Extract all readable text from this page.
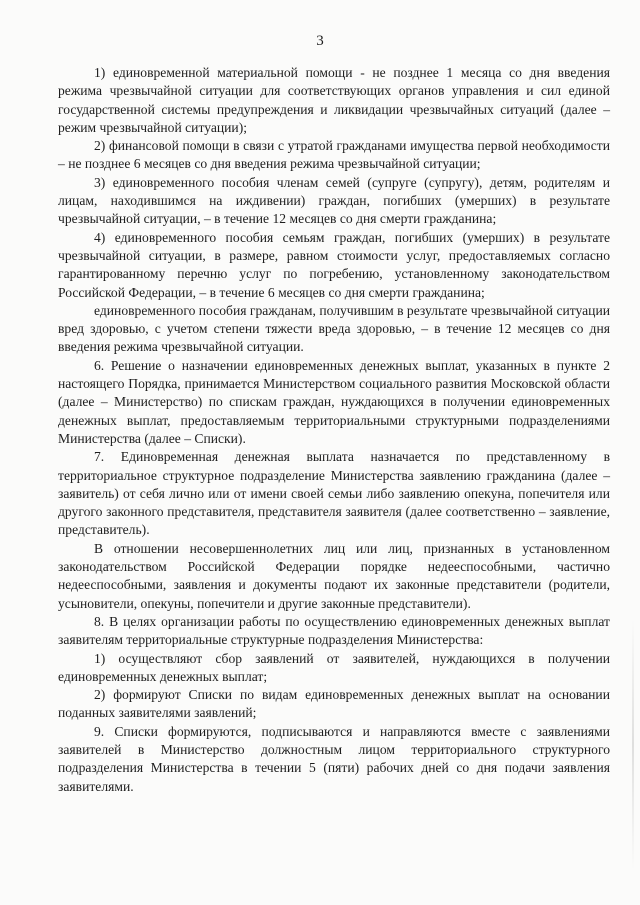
3

1) единовременной материальной помощи - не позднее 1 месяца со дня введения режима чрезвычайной ситуации для соответствующих органов управления и сил единой государственной системы предупреждения и ликвидации чрезвычайных ситуаций (далее – режим чрезвычайной ситуации);

2) финансовой помощи в связи с утратой гражданами имущества первой необходимости – не позднее 6 месяцев со дня введения режима чрезвычайной ситуации;

3) единовременного пособия членам семей (супруге (супругу), детям, родителям и лицам, находившимся на иждивении) граждан, погибших (умерших) в результате чрезвычайной ситуации, – в течение 12 месяцев со дня смерти гражданина;

4) единовременного пособия семьям граждан, погибших (умерших) в результате чрезвычайной ситуации, в размере, равном стоимости услуг, предоставляемых согласно гарантированному перечню услуг по погребению, установленному законодательством Российской Федерации, – в течение 6 месяцев со дня смерти гражданина;

единовременного пособия гражданам, получившим в результате чрезвычайной ситуации вред здоровью, с учетом степени тяжести вреда здоровью, – в течение 12 месяцев со дня введения режима чрезвычайной ситуации.

6. Решение о назначении единовременных денежных выплат, указанных в пункте 2 настоящего Порядка, принимается Министерством социального развития Московской области (далее – Министерство) по спискам граждан, нуждающихся в получении единовременных денежных выплат, предоставляемым территориальными структурными подразделениями Министерства (далее – Списки).

7. Единовременная денежная выплата назначается по представленному в территориальное структурное подразделение Министерства заявлению гражданина (далее – заявитель) от себя лично или от имени своей семьи либо заявлению опекуна, попечителя или другого законного представителя, представителя заявителя (далее соответственно – заявление, представитель).

В отношении несовершеннолетних лиц или лиц, признанных в установленном законодательством Российской Федерации порядке недееспособными, частично недееспособными, заявления и документы подают их законные представители (родители, усыновители, опекуны, попечители и другие законные представители).

8. В целях организации работы по осуществлению единовременных денежных выплат заявителям территориальные структурные подразделения Министерства:

1) осуществляют сбор заявлений от заявителей, нуждающихся в получении единовременных денежных выплат;

2) формируют Списки по видам единовременных денежных выплат на основании поданных заявителями заявлений;

9. Списки формируются, подписываются и направляются вместе с заявлениями заявителей в Министерство должностным лицом территориального структурного подразделения Министерства в течении 5 (пяти) рабочих дней со дня подачи заявления заявителями.
